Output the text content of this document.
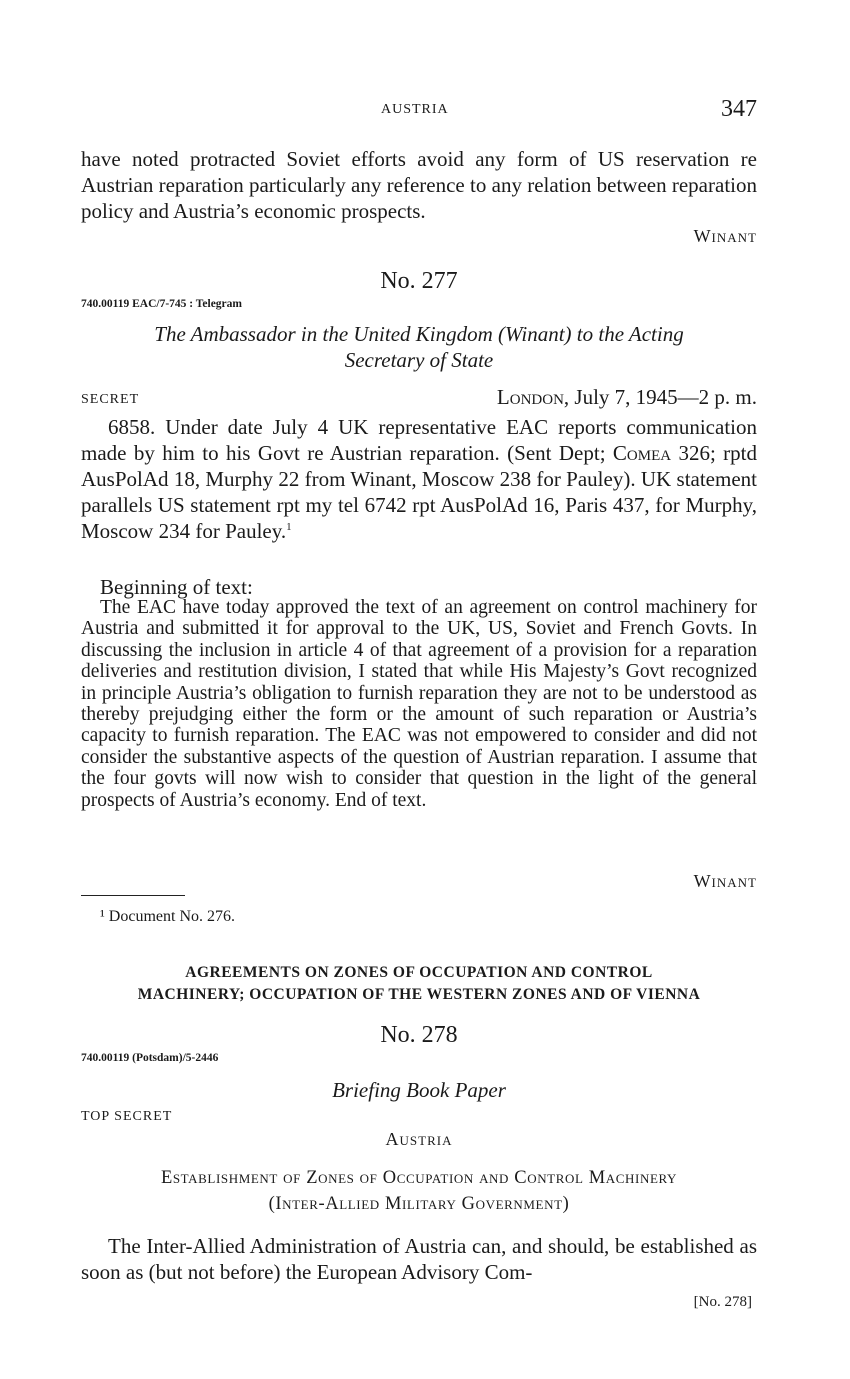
AUSTRIA	347

have noted protracted Soviet efforts avoid any form of US reservation re Austrian reparation particularly any reference to any relation between reparation policy and Austria’s economic prospects.

Winant
No. 277
740.00119 EAC/7-745 : Telegram
The Ambassador in the United Kingdom (Winant) to the Acting
Secretary of State
SECRET	London, July 7, 1945—2 p. m.

6858. Under date July 4 UK representative EAC reports communication made by him to his Govt re Austrian reparation. (Sent Dept; Comea 326; rptd AusPolAd 18, Murphy 22 from Winant, Moscow 238 for Pauley). UK statement parallels US statement rpt my tel 6742 rpt AusPolAd 16, Paris 437, for Murphy, Moscow 234 for Pauley.$^1$

Beginning of text:

The EAC have today approved the text of an agreement on control machinery for Austria and submitted it for approval to the UK, US, Soviet and French Govts. In discussing the inclusion in article 4 of that agreement of a provision for a reparation deliveries and restitution division, I stated that while His Majesty’s Govt recognized in principle Austria’s obligation to furnish reparation they are not to be understood as thereby prejudging either the form or the amount of such reparation or Austria’s capacity to furnish reparation. The EAC was not empowered to consider and did not consider the substantive aspects of the question of Austrian reparation. I assume that the four govts will now wish to consider that question in the light of the general prospects of Austria’s economy. End of text.

Winant
¹ Document No. 276.
AGREEMENTS ON ZONES OF OCCUPATION AND CONTROL
MACHINERY; OCCUPATION OF THE WESTERN ZONES AND OF VIENNA
No. 278
740.00119 (Potsdam)/5-2446
Briefing Book Paper
TOP SECRET
Austria
Establishment of Zones of Occupation and Control Machinery
(Inter-Allied Military Government)

The Inter-Allied Administration of Austria can, and should, be established as soon as (but not before) the European Advisory Com-

[No. 278]
